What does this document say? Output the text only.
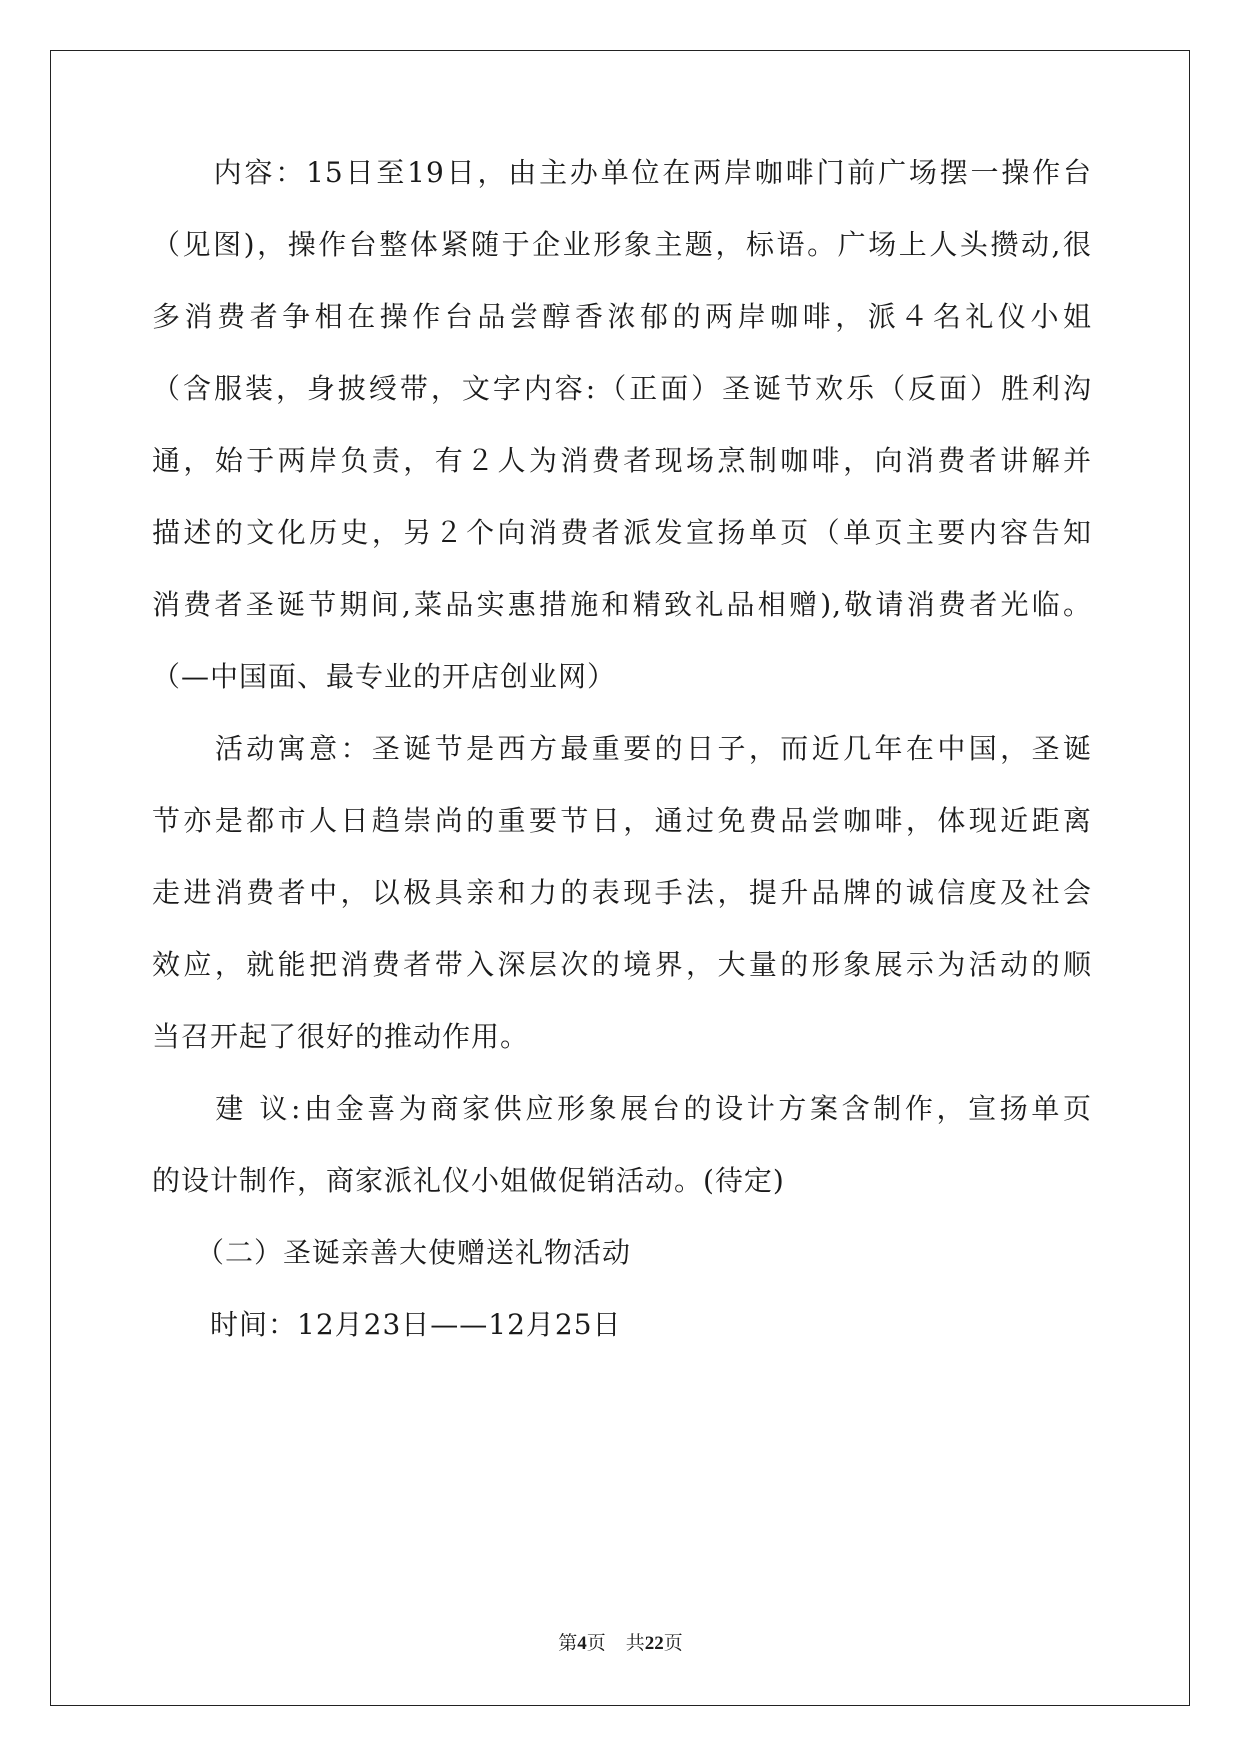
　　内容：15日至19日，由主办单位在两岸咖啡门前广场摆一操作台
（见图)，操作台整体紧随于企业形象主题，标语。广场上人头攒动,很
多消费者争相在操作台品尝醇香浓郁的两岸咖啡，派４名礼仪小姐
（含服装，身披绶带，文字内容:（正面）圣诞节欢乐（反面）胜利沟
通，始于两岸负责，有２人为消费者现场烹制咖啡，向消费者讲解并
描述的文化历史，另２个向消费者派发宣扬单页（单页主要内容告知
消费者圣诞节期间,菜品实惠措施和精致礼品相赠),敬请消费者光临。
（—中国面、最专业的开店创业网）
　　活动寓意：圣诞节是西方最重要的日子，而近几年在中国，圣诞
节亦是都市人日趋崇尚的重要节日，通过免费品尝咖啡，体现近距离
走进消费者中，以极具亲和力的表现手法，提升品牌的诚信度及社会
效应，就能把消费者带入深层次的境界，大量的形象展示为活动的顺
当召开起了很好的推动作用。
　　建 议:由金喜为商家供应形象展台的设计方案含制作，宣扬单页
的设计制作，商家派礼仪小姐做促销活动。(待定)
　　（二）圣诞亲善大使赠送礼物活动
　　时间：12月23日——12月25日
第4页 共22页
